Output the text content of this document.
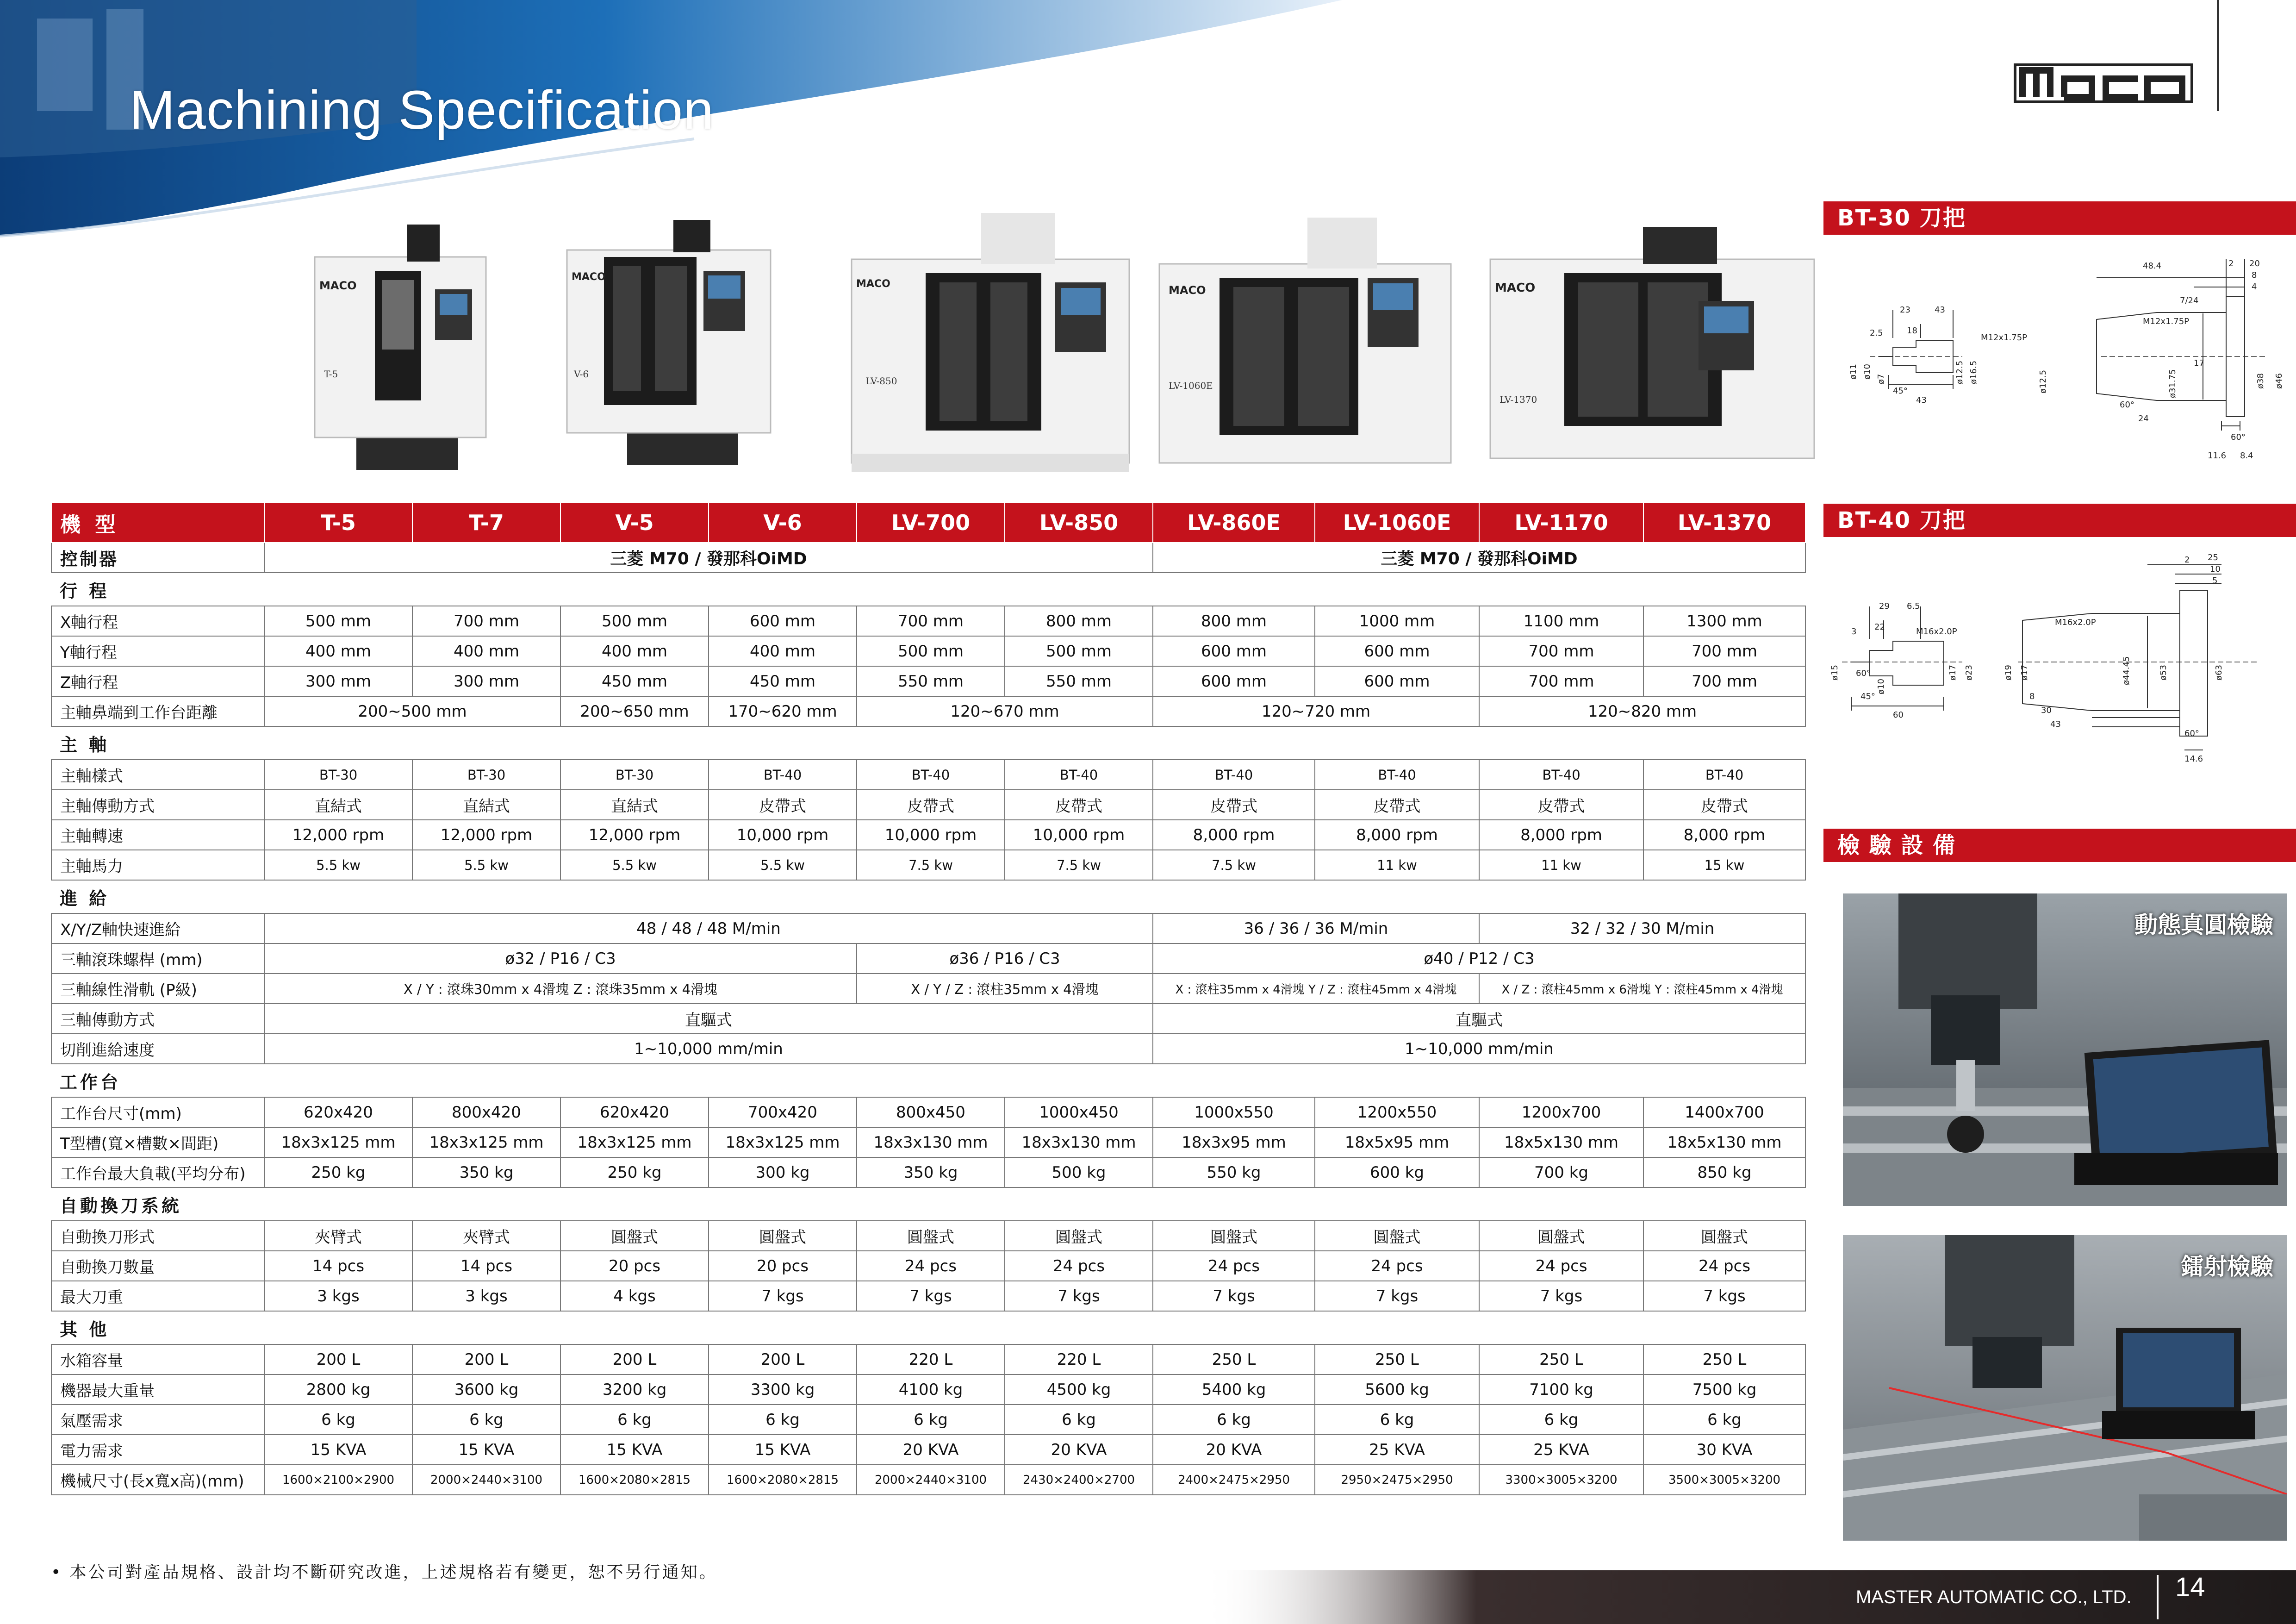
Machining Specification
MACO
T-5
MACO
V-6
MACO
LV-850
MACO
LV-1060E
MACO
LV-1370
機 型	T-5	T-7	V-5	V-6	LV-700	LV-850	LV-860E	LV-1060E	LV-1170	LV-1370
控制器	三菱 M70 / 發那科OiMD						三菱 M70 / 發那科OiMD			
行 程										
X軸行程	500 mm	700 mm	500 mm	600 mm	700 mm	800 mm	800 mm	1000 mm	1100 mm	1300 mm
Y軸行程	400 mm	400 mm	400 mm	400 mm	500 mm	500 mm	600 mm	600 mm	700 mm	700 mm
Z軸行程	300 mm	300 mm	450 mm	450 mm	550 mm	550 mm	600 mm	600 mm	700 mm	700 mm
主軸鼻端到工作台距離	200∼500 mm		200∼650 mm	170∼620 mm	120∼670 mm		120∼720 mm		120∼820 mm	
主 軸										
主軸樣式	BT-30	BT-30	BT-30	BT-40	BT-40	BT-40	BT-40	BT-40	BT-40	BT-40
主軸傳動方式	直結式	直結式	直結式	皮帶式	皮帶式	皮帶式	皮帶式	皮帶式	皮帶式	皮帶式
主軸轉速	12,000 rpm	12,000 rpm	12,000 rpm	10,000 rpm	10,000 rpm	10,000 rpm	8,000 rpm	8,000 rpm	8,000 rpm	8,000 rpm
主軸馬力	5.5 kw	5.5 kw	5.5 kw	5.5 kw	7.5 kw	7.5 kw	7.5 kw	11 kw	11 kw	15 kw
進 給										
X/Y/Z軸快速進給	48 / 48 / 48 M/min						36 / 36 / 36 M/min		32 / 32 / 30 M/min	
三軸滾珠螺桿 (mm)	ø32 / P16 / C3				ø36 / P16 / C3		ø40 / P12 / C3			
三軸線性滑軌 (P級)	X / Y : 滾珠30mm x 4滑塊 Z : 滾珠35mm x 4滑塊				X / Y / Z : 滾柱35mm x 4滑塊		X : 滾柱35mm x 4滑塊 Y / Z : 滾柱45mm x 4滑塊		X / Z : 滾柱45mm x 6滑塊 Y : 滾柱45mm x 4滑塊	
三軸傳動方式	直驅式						直驅式			
切削進給速度	1∼10,000 mm/min						1∼10,000 mm/min			
工作台										
工作台尺寸(mm)	620x420	800x420	620x420	700x420	800x450	1000x450	1000x550	1200x550	1200x700	1400x700
T型槽(寬×槽數×間距)	18x3x125 mm	18x3x125 mm	18x3x125 mm	18x3x125 mm	18x3x130 mm	18x3x130 mm	18x3x95 mm	18x5x95 mm	18x5x130 mm	18x5x130 mm
工作台最大負載(平均分布)	250 kg	350 kg	250 kg	300 kg	350 kg	500 kg	550 kg	600 kg	700 kg	850 kg
自動換刀系統										
自動換刀形式	夾臂式	夾臂式	圓盤式	圓盤式	圓盤式	圓盤式	圓盤式	圓盤式	圓盤式	圓盤式
自動換刀數量	14 pcs	14 pcs	20 pcs	20 pcs	24 pcs	24 pcs	24 pcs	24 pcs	24 pcs	24 pcs
最大刀重	3 kgs	3 kgs	4 kgs	7 kgs	7 kgs	7 kgs	7 kgs	7 kgs	7 kgs	7 kgs
其 他										
水箱容量	200 L	200 L	200 L	200 L	220 L	220 L	250 L	250 L	250 L	250 L
機器最大重量	2800 kg	3600 kg	3200 kg	3300 kg	4100 kg	4500 kg	5400 kg	5600 kg	7100 kg	7500 kg
氣壓需求	6 kg	6 kg	6 kg	6 kg	6 kg	6 kg	6 kg	6 kg	6 kg	6 kg
電力需求	15 KVA	15 KVA	15 KVA	15 KVA	20 KVA	20 KVA	20 KVA	25 KVA	25 KVA	30 KVA
機械尺寸(長x寬x高)(mm)	1600×2100×2900	2000×2440×3100	1600×2080×2815	1600×2080×2815	2000×2440×3100	2430×2400×2700	2400×2475×2950	2950×2475×2950	3300×3005×3200	3500×3005×3200
BT-30 刀把
48.4	20
8
4
2
7/24
M12x1.75P
23	43
2.5	18
M12x1.75P
ø11 ø10 ø7	ø12.5 ø16.5
43
ø12.5
24
ø31.75
17
ø38 ø46
60°
11.6 8.4
45°
60°
BT-40 刀把
2 25
10
5
29 6.5
M16x2.0P
M16x2.0P
3 22
ø15 60°
ø10
ø17 ø23	ø19 ø17
60
8
30
43
ø44.45	ø53	ø63
60°
14.6
45°
檢 驗 設 備
動態真圓檢驗
鐳射檢驗
• 本公司對產品規格、設計均不斷研究改進，上述規格若有變更，恕不另行通知。
MASTER AUTOMATIC CO., LTD. 14
